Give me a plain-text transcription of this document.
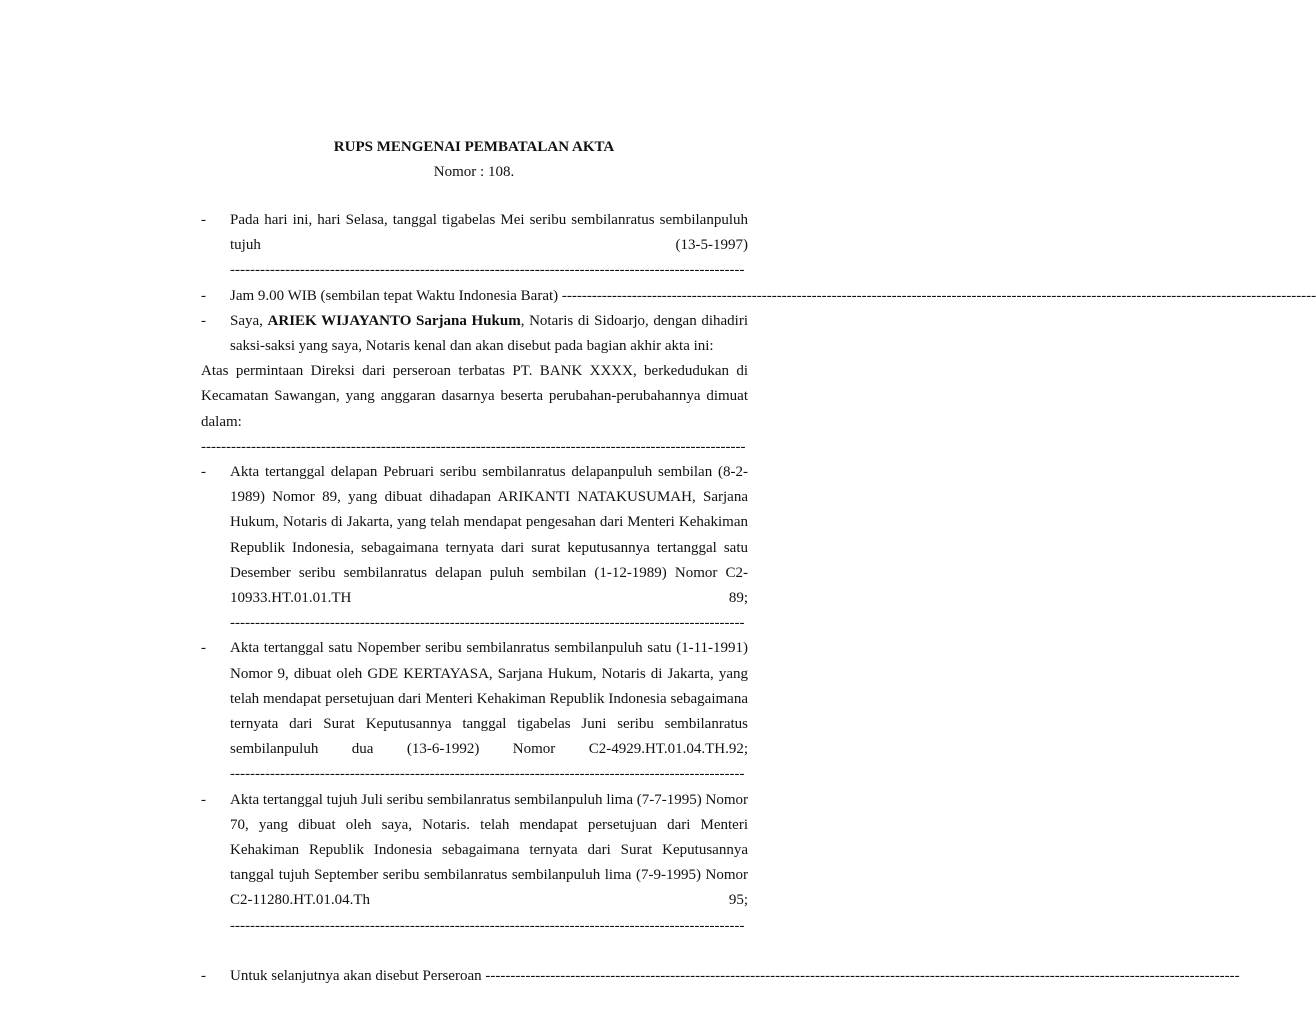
RUPS MENGENAI PEMBATALAN AKTA
Nomor : 108.
- Pada hari ini, hari Selasa, tanggal tigabelas Mei seribu sembilanratus sembilanpuluh tujuh (13-5-1997) -------------------------------------------------------------------------------------------------------
- Jam 9.00 WIB (sembilan tepat Waktu Indonesia Barat) -------------------------------------------------------------------------------------------------------------------------------------------------------
- Saya, ARIEK WIJAYANTO Sarjana Hukum, Notaris di Sidoarjo, dengan dihadiri saksi-saksi yang saya, Notaris kenal dan akan disebut pada bagian akhir akta ini:
Atas permintaan Direksi dari perseroan terbatas PT. BANK XXXX, berkedudukan di Kecamatan Sawangan, yang anggaran dasarnya beserta perubahan-perubahannya dimuat dalam: -------------------------------------------------------------------------------------------------------------
- Akta tertanggal delapan Pebruari seribu sembilanratus delapanpuluh sembilan (8-2-1989) Nomor 89, yang dibuat dihadapan ARIKANTI NATAKUSUMAH, Sarjana Hukum, Notaris di Jakarta, yang telah mendapat pengesahan dari Menteri Kehakiman Republik Indonesia, sebagaimana ternyata dari surat keputusannya tertanggal satu Desember seribu sembilanratus delapan puluh sembilan (1-12-1989) Nomor C2-10933.HT.01.01.TH 89; -------------------------------------------------------------------------------------------------------
- Akta tertanggal satu Nopember seribu sembilanratus sembilanpuluh satu (1-11-1991) Nomor 9, dibuat oleh GDE KERTAYASA, Sarjana Hukum, Notaris di Jakarta, yang telah mendapat persetujuan dari Menteri Kehakiman Republik Indonesia sebagaimana ternyata dari Surat Keputusannya tanggal tigabelas Juni seribu sembilanratus sembilanpuluh dua (13-6-1992) Nomor C2-4929.HT.01.04.TH.92; -------------------------------------------------------------------------------------------------------
- Akta tertanggal tujuh Juli seribu sembilanratus sembilanpuluh lima (7-7-1995) Nomor 70, yang dibuat oleh saya, Notaris. telah mendapat persetujuan dari Menteri Kehakiman Republik Indonesia sebagaimana ternyata dari Surat Keputusannya tanggal tujuh September seribu sembilanratus sembilanpuluh lima (7-9-1995) Nomor C2-11280.HT.01.04.Th 95; -------------------------------------------------------------------------------------------------------
- Untuk selanjutnya akan disebut Perseroan -------------------------------------------------------------------------------------------------------------------------------------------------------
